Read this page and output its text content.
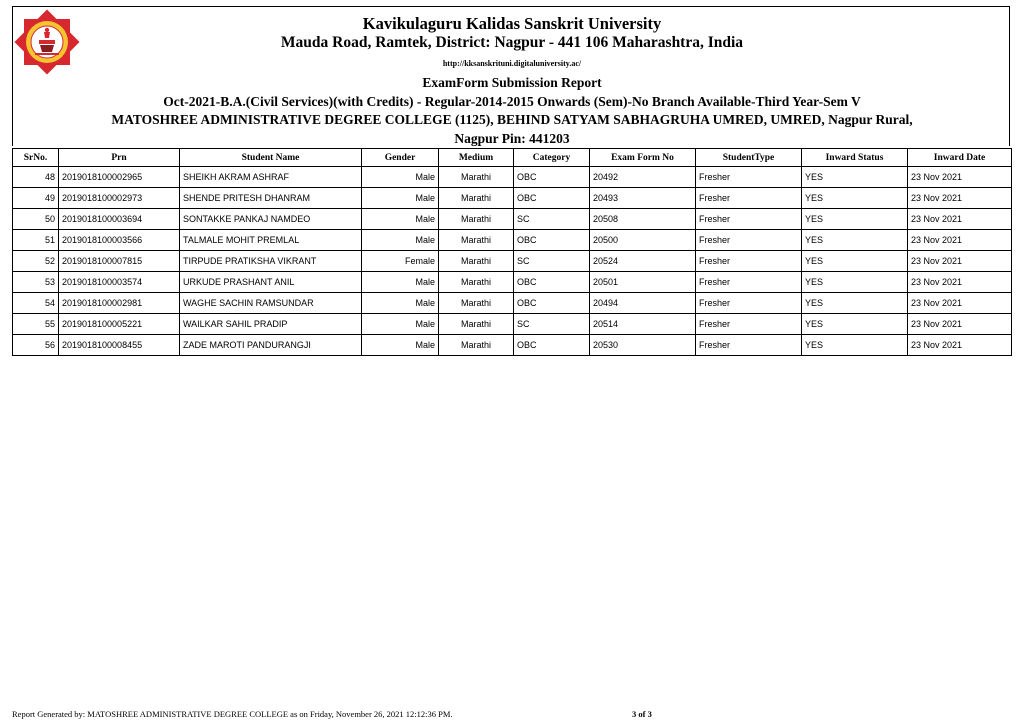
Kavikulaguru Kalidas Sanskrit University
Mauda Road, Ramtek, District: Nagpur - 441 106 Maharashtra, India
http://kksanskrituni.digitaluniversity.ac/
ExamForm Submission Report
Oct-2021-B.A.(Civil Services)(with Credits) - Regular-2014-2015 Onwards (Sem)-No Branch Available-Third Year-Sem V
MATOSHREE ADMINISTRATIVE DEGREE COLLEGE (1125), BEHIND SATYAM SABHAGRUHA UMRED, UMRED, Nagpur Rural,
Nagpur Pin: 441203
SrNo.	Prn	Student Name	Gender	Medium	Category	Exam Form No	StudentType	Inward Status	Inward Date
48	2019018100002965	SHEIKH AKRAM ASHRAF	Male	Marathi	OBC	20492	Fresher	YES	23 Nov 2021
49	2019018100002973	SHENDE PRITESH DHANRAM	Male	Marathi	OBC	20493	Fresher	YES	23 Nov 2021
50	2019018100003694	SONTAKKE PANKAJ NAMDEO	Male	Marathi	SC	20508	Fresher	YES	23 Nov 2021
51	2019018100003566	TALMALE MOHIT PREMLAL	Male	Marathi	OBC	20500	Fresher	YES	23 Nov 2021
52	2019018100007815	TIRPUDE PRATIKSHA VIKRANT	Female	Marathi	SC	20524	Fresher	YES	23 Nov 2021
53	2019018100003574	URKUDE PRASHANT ANIL	Male	Marathi	OBC	20501	Fresher	YES	23 Nov 2021
54	2019018100002981	WAGHE SACHIN RAMSUNDAR	Male	Marathi	OBC	20494	Fresher	YES	23 Nov 2021
55	2019018100005221	WAILKAR SAHIL PRADIP	Male	Marathi	SC	20514	Fresher	YES	23 Nov 2021
56	2019018100008455	ZADE MAROTI PANDURANGJI	Male	Marathi	OBC	20530	Fresher	YES	23 Nov 2021
Report Generated by: MATOSHREE ADMINISTRATIVE DEGREE COLLEGE as on Friday, November 26, 2021 12:12:36 PM.	3 of 3
